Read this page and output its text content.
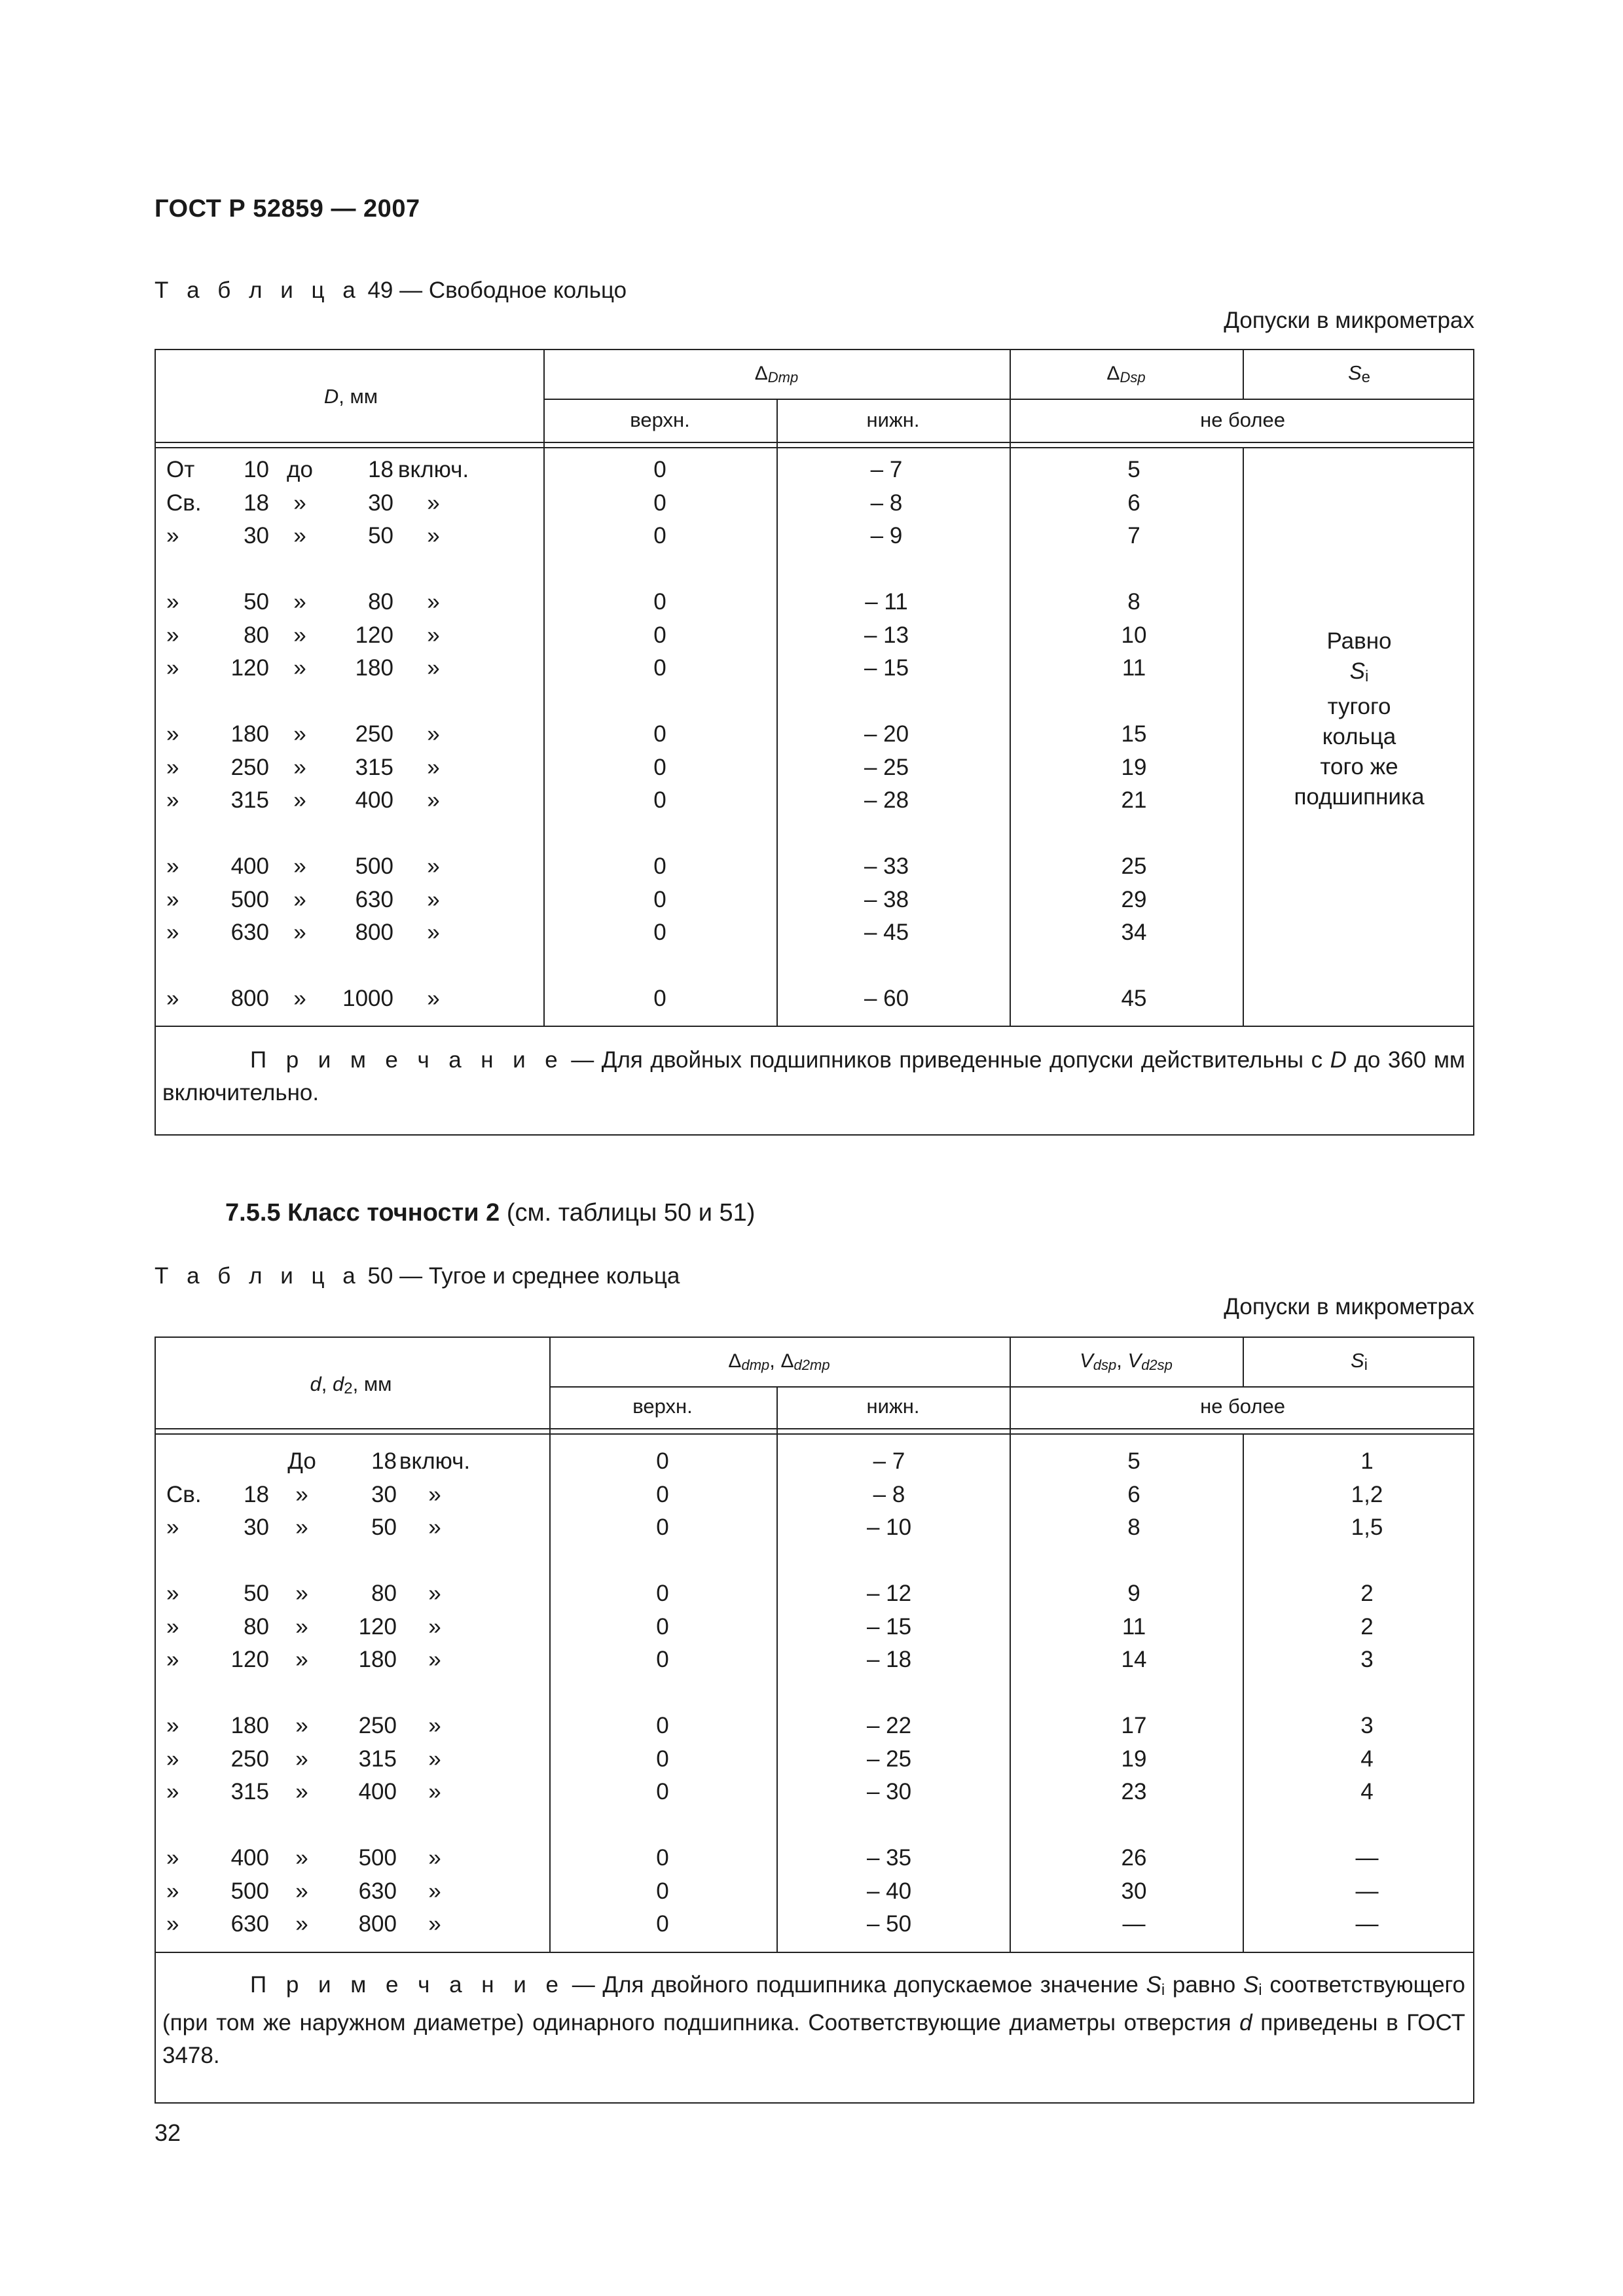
ГОСТ Р 52859 — 2007
Т а б л и ц а 49 — Свободное кольцо
Допуски в микрометрах
D, мм
ΔDmp	ΔDsp	Se
верхн.	нижн.	не более
От 10 до 18 включ.	0	– 7	5
Св. 18 »	30 »	0	– 8	6
»	30 »	50 »	0	– 9	7
»	50 »	80 »	0	– 11	8
»	80 » 120 »	0	– 13	10
» 120 » 180 »	0	– 15	11
» 180 » 250 »	0	– 20	15
» 250 » 315 »	0	– 25	19
» 315 » 400 »	0	– 28	21
» 400 » 500 »	0	– 33	25
» 500 » 630 »	0	– 38	29
» 630 » 800 »	0	– 45	34
» 800 » 1000 »	0	– 60	45
Равно
Si
тугого
кольца
того же
подшипника
П р и м е ч а н и е — Для двойных подшипников приведенные допуски действительны с D до 360 мм включительно.
7.5.5 Класс точности 2 (см. таблицы 50 и 51)
Т а б л и ц а 50 — Тугое и среднее кольца
Допуски в микрометрах
d, d2, мм
Δdmp, Δd2mp	Vdsp, Vd2sp	Si
верхн.	нижн.	не более
До 18 включ.	0	– 7	5	1
Св. 18 »	30 »	0	– 8	6	1,2
»	30 »	50 »	0	– 10	8	1,5
»	50 »	80 »	0	– 12	9	2
»	80 » 120 »	0	– 15	11	2
» 120 » 180 »	0	– 18	14	3
» 180 » 250 »	0	– 22	17	3
» 250 » 315 »	0	– 25	19	4
» 315 » 400 »	0	– 30	23	4
» 400 » 500 »	0	– 35	26	—
» 500 » 630 »	0	– 40	30	—
» 630 » 800 »	0	– 50	—	—
П р и м е ч а н и е — Для двойного подшипника допускаемое значение Si равно Si соответствующего (при том же наружном диаметре) одинарного подшипника. Соответствующие диаметры отверстия d приведены в ГОСТ 3478.
32
